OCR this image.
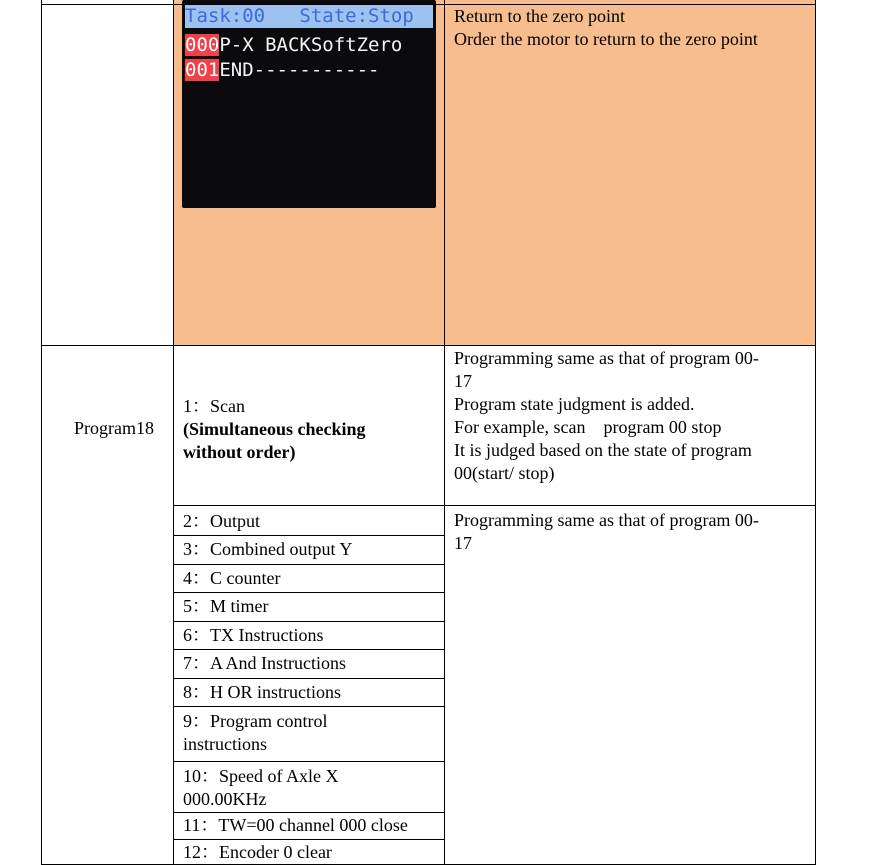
Task:00   State:Stop
000P-X BACKSoftZero
001END-----------
Return to the zero point
Order the motor to return to the zero point
Program18
1：Scan
(Simultaneous checking
without order)
Programming same as that of program 00-
17
Program state judgment is added.
For example, scan    program 00 stop
It is judged based on the state of program
00(start/ stop)
2：Output
3：Combined output Y
4：C counter
5：M timer
6：TX Instructions
7：A And Instructions
8：H OR instructions
9：Program control
instructions
10：Speed of Axle X
000.00KHz
11：TW=00 channel 000 close
12：Encoder 0 clear
Programming same as that of program 00-
17
